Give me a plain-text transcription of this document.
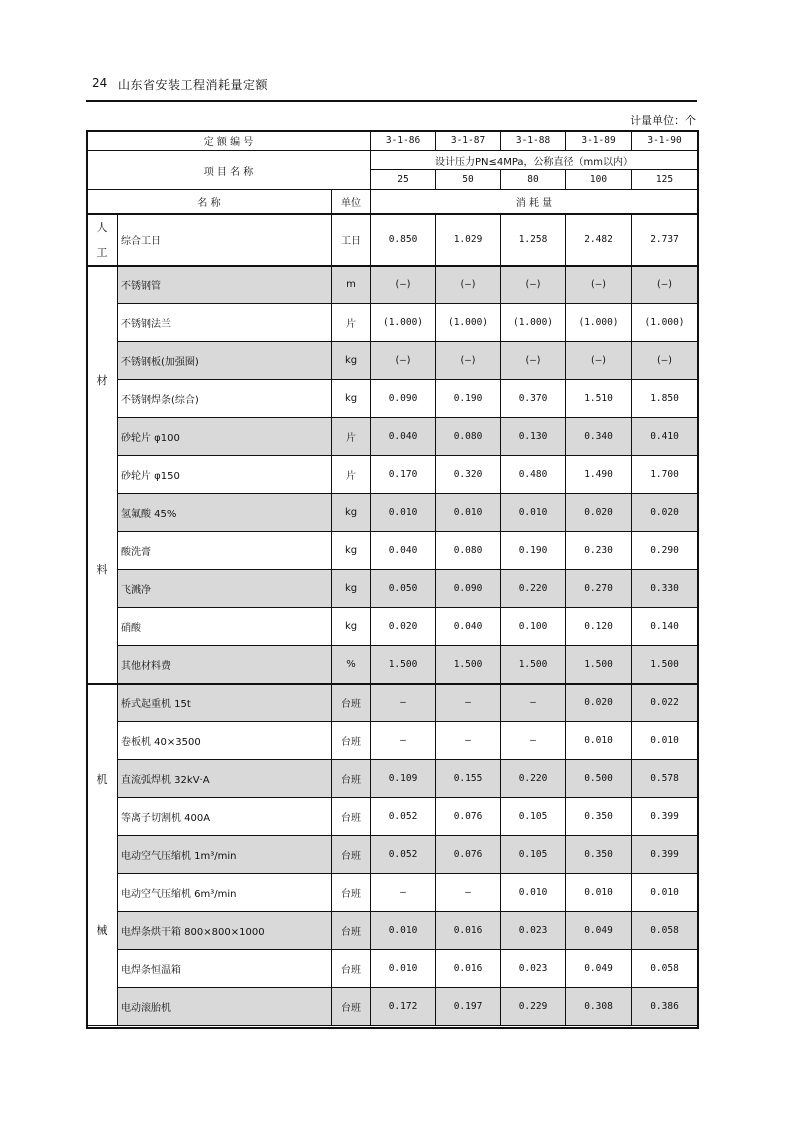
24 山东省安装工程消耗量定额
计量单位：个
定 额 编 号			3-1-86	3-1-87	3-1-88	3-1-89	3-1-90
项 目 名 称			设计压力PN≤4MPa，公称直径（mm以内）				
			25	50	80	100	125
名 称		单位	消 耗 量				

人
工	综合工日	工日	0.850	1.029	1.258	2.482	2.737

材
料	不锈钢管	m	(—)	(—)	(—)	(—)	(—)
	不锈钢法兰	片	(1.000)	(1.000)	(1.000)	(1.000)	(1.000)
	不锈钢板(加强圈)	kg	(—)	(—)	(—)	(—)	(—)
	不锈钢焊条(综合)	kg	0.090	0.190	0.370	1.510	1.850
	砂轮片 φ100	片	0.040	0.080	0.130	0.340	0.410
	砂轮片 φ150	片	0.170	0.320	0.480	1.490	1.700
	氢氟酸 45%	kg	0.010	0.010	0.010	0.020	0.020
	酸洗膏	kg	0.040	0.080	0.190	0.230	0.290
	飞溅净	kg	0.050	0.090	0.220	0.270	0.330
	硝酸	kg	0.020	0.040	0.100	0.120	0.140
	其他材料费	%	1.500	1.500	1.500	1.500	1.500

机
械	桥式起重机 15t	台班	—	—	—	0.020	0.022
	卷板机 40×3500	台班	—	—	—	0.010	0.010
	直流弧焊机 32kV·A	台班	0.109	0.155	0.220	0.500	0.578
	等离子切割机 400A	台班	0.052	0.076	0.105	0.350	0.399
	电动空气压缩机 1m³/min	台班	0.052	0.076	0.105	0.350	0.399
	电动空气压缩机 6m³/min	台班	—	—	0.010	0.010	0.010
	电焊条烘干箱 800×800×1000	台班	0.010	0.016	0.023	0.049	0.058
	电焊条恒温箱	台班	0.010	0.016	0.023	0.049	0.058
	电动滚胎机	台班	0.172	0.197	0.229	0.308	0.386
